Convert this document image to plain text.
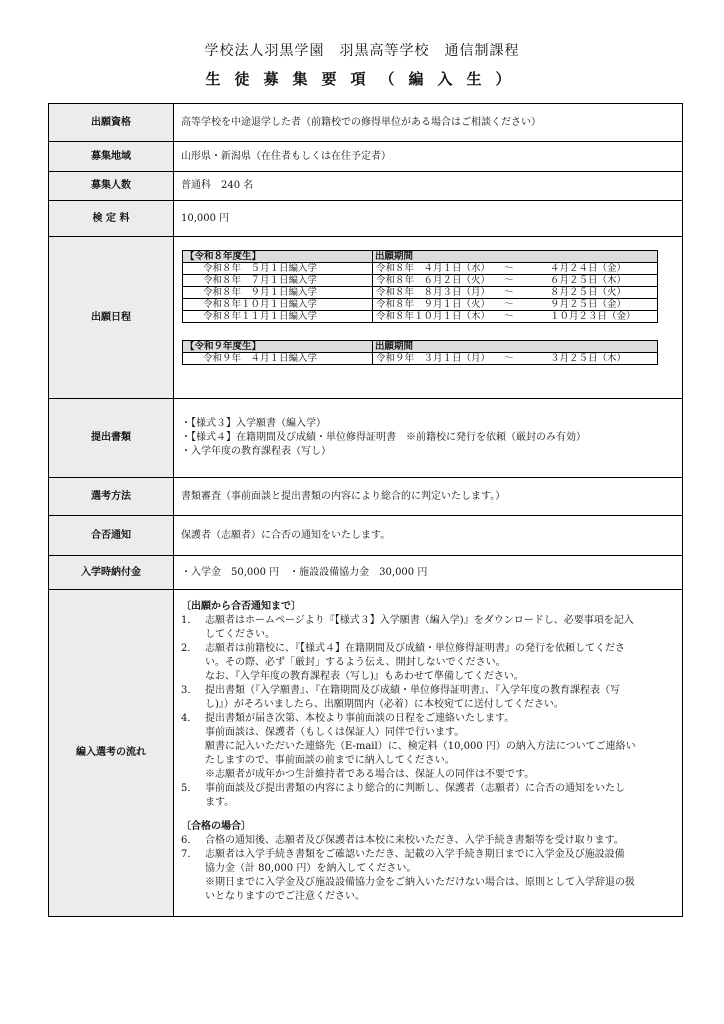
学校法人羽黒学園　羽黒高等学校　通信制課程
生徒募集要項（編入生）
出願資格	高等学校を中途退学した者（前籍校での修得単位がある場合はご相談ください）
募集地域	山形県・新潟県（在住者もしくは在住予定者）
募集人数	普通科　240 名
検 定 料	10,000 円
出願日程	
【令和８年度生】	出願期間
令和８年　５月１日編入学	令和８年　４月１日（水） ～	４月２４日（金）
令和８年　７月１日編入学	令和８年　６月２日（火） ～	６月２５日（木）
令和８年　９月１日編入学	令和８年　８月３日（月） ～	８月２５日（火）
令和８年１０月１日編入学	令和８年　９月１日（火） ～	９月２５日（金）
令和８年１１月１日編入学	令和８年１０月１日（木） ～	１０月２３日（金）
【令和９年度生】	出願期間
令和９年　４月１日編入学	令和９年　３月１日（月） ～	３月２５日（木）

提出書類	
・【様式３】入学願書（編入学）
・【様式４】在籍期間及び成績・単位修得証明書　※前籍校に発行を依頼（厳封のみ有効）
・入学年度の教育課程表（写し）

選考方法	書類審査（事前面談と提出書類の内容により総合的に判定いたします。）
合否通知	保護者（志願者）に合否の通知をいたします。
入学時納付金	・入学金　50,000 円　・施設設備協力金　30,000 円
編入選考の流れ	
〔出願から合否通知まで〕
1． 志願者はホームページより『【様式３】入学願書（編入学)』をダウンロードし、必要事項を記入
してください。
2． 志願者は前籍校に、『【様式４】在籍期間及び成績・単位修得証明書』の発行を依頼してくださ
い。その際、必ず「厳封」するよう伝え、開封しないでください。
なお、『入学年度の教育課程表（写し)』もあわせて準備してください。
3． 提出書類（『入学願書』、『在籍期間及び成績・単位修得証明書』、『入学年度の教育課程表（写
し)』）がそろいましたら、出願期間内（必着）に本校宛てに送付してください。
4． 提出書類が届き次第、本校より事前面談の日程をご連絡いたします。
事前面談は、保護者（もしくは保証人）同伴で行います。
願書に記入いただいた連絡先（E-mail）に、検定料（10,000 円）の納入方法についてご連絡い
たしますので、事前面談の前までに納入してください。
※志願者が成年かつ生計維持者である場合は、保証人の同伴は不要です。
5． 事前面談及び提出書類の内容により総合的に判断し、保護者（志願者）に合否の通知をいたし
ます。
〔合格の場合〕
6． 合格の通知後、志願者及び保護者は本校に来校いただき、入学手続き書類等を受け取ります。
7． 志願者は入学手続き書類をご確認いただき、記載の入学手続き期日までに入学金及び施設設備
協力金（計 80,000 円）を納入してください。
※期日までに入学金及び施設設備協力金をご納入いただけない場合は、原則として入学辞退の扱
いとなりますのでご注意ください。
